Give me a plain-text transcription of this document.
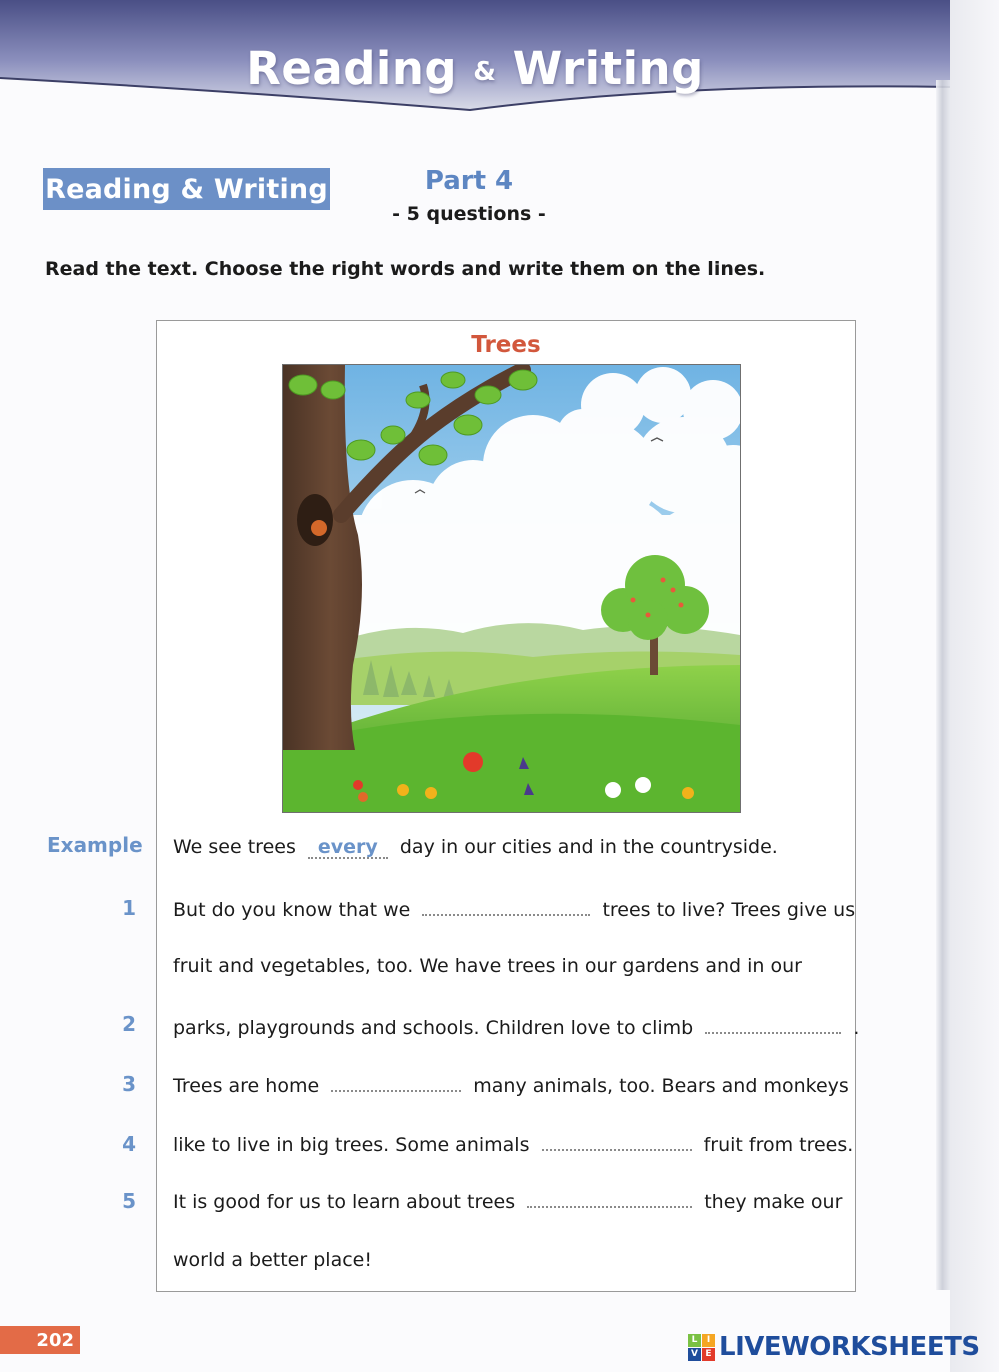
Reading & Writing
Reading & Writing	Part 4
- 5 questions -
Read the text. Choose the right words and write them on the lines.
Trees
Example We see trees every day in our cities and in the countryside.
1 But do you know that we	trees to live? Trees give us
fruit and vegetables, too. We have trees in our gardens and in our
2 parks, playgrounds and schools. Children love to climb	.
3 Trees are home	many animals, too. Bears and monkeys
4 like to live in big trees. Some animals	fruit from trees.
5 It is good for us to learn about trees	they make our
world a better place!
202	L	I
V E LIVEWORKSHEETS
